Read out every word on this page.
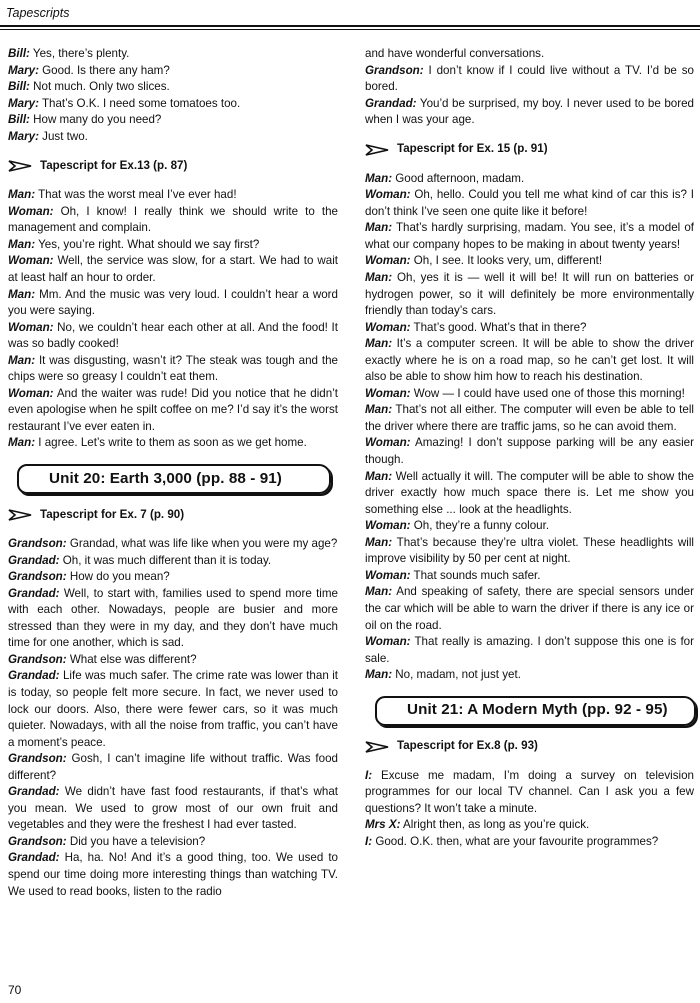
Tapescripts

Bill: Yes, there’s plenty.

Mary: Good. Is there any ham?

Bill: Not much. Only two slices.

Mary: That’s O.K. I need some tomatoes too.

Bill: How many do you need?

Mary: Just two.

Tapescript for Ex.13 (p. 87)

Man: That was the worst meal I’ve ever had!

Woman: Oh, I know! I really think we should write to the management and complain.

Man: Yes, you’re right. What should we say first?

Woman: Well, the service was slow, for a start. We had to wait at least half an hour to order.

Man: Mm. And the music was very loud. I couldn’t hear a word you were saying.

Woman: No, we couldn’t hear each other at all. And the food! It was so badly cooked!

Man: It was disgusting, wasn’t it? The steak was tough and the chips were so greasy I couldn’t eat them.

Woman: And the waiter was rude! Did you notice that he didn’t even apologise when he spilt coffee on me? I’d say it’s the worst restaurant I’ve ever eaten in.

Man: I agree. Let’s write to them as soon as we get home.

Unit 20: Earth 3,000 (pp. 88 - 91)

Tapescript for Ex. 7 (p. 90)

Grandson: Grandad, what was life like when you were my age?

Grandad: Oh, it was much different than it is today.

Grandson: How do you mean?

Grandad: Well, to start with, families used to spend more time with each other. Nowadays, people are busier and more stressed than they were in my day, and they don’t have much time for one another, which is sad.

Grandson: What else was different?

Grandad: Life was much safer. The crime rate was lower than it is today, so people felt more secure. In fact, we never used to lock our doors. Also, there were fewer cars, so it was much quieter. Nowadays, with all the noise from traffic, you can’t have a moment’s peace.

Grandson: Gosh, I can’t imagine life without traffic. Was food different?

Grandad: We didn’t have fast food restaurants, if that’s what you mean. We used to grow most of our own fruit and vegetables and they were the freshest I had ever tasted.

Grandson: Did you have a television?

Grandad: Ha, ha. No! And it’s a good thing, too. We used to spend our time doing more interesting things than watching TV. We used to read books, listen to the radio

and have wonderful conversations.

Grandson: I don’t know if I could live without a TV. I’d be so bored.

Grandad: You’d be surprised, my boy. I never used to be bored when I was your age.

Tapescript for Ex. 15 (p. 91)

Man: Good afternoon, madam.

Woman: Oh, hello. Could you tell me what kind of car this is? I don’t think I’ve seen one quite like it before!

Man: That’s hardly surprising, madam. You see, it’s a model of what our company hopes to be making in about twenty years!

Woman: Oh, I see. It looks very, um, different!

Man: Oh, yes it is — well it will be! It will run on batteries or hydrogen power, so it will definitely be more environmentally friendly than today’s cars.

Woman: That’s good. What’s that in there?

Man: It’s a computer screen. It will be able to show the driver exactly where he is on a road map, so he can’t get lost. It will also be able to show him how to reach his destination.

Woman: Wow — I could have used one of those this morning!

Man: That’s not all either. The computer will even be able to tell the driver where there are traffic jams, so he can avoid them.

Woman: Amazing! I don’t suppose parking will be any easier though.

Man: Well actually it will. The computer will be able to show the driver exactly how much space there is. Let me show you something else ... look at the headlights.

Woman: Oh, they’re a funny colour.

Man: That’s because they’re ultra violet. These headlights will improve visibility by 50 per cent at night.

Woman: That sounds much safer.

Man: And speaking of safety, there are special sensors under the car which will be able to warn the driver if there is any ice or oil on the road.

Woman: That really is amazing. I don’t suppose this one is for sale.

Man: No, madam, not just yet.

Unit 21: A Modern Myth (pp. 92 - 95)

Tapescript for Ex.8 (p. 93)

I: Excuse me madam, I’m doing a survey on television programmes for our local TV channel. Can I ask you a few questions? It won’t take a minute.

Mrs X: Alright then, as long as you’re quick.

I: Good. O.K. then, what are your favourite programmes?

70
